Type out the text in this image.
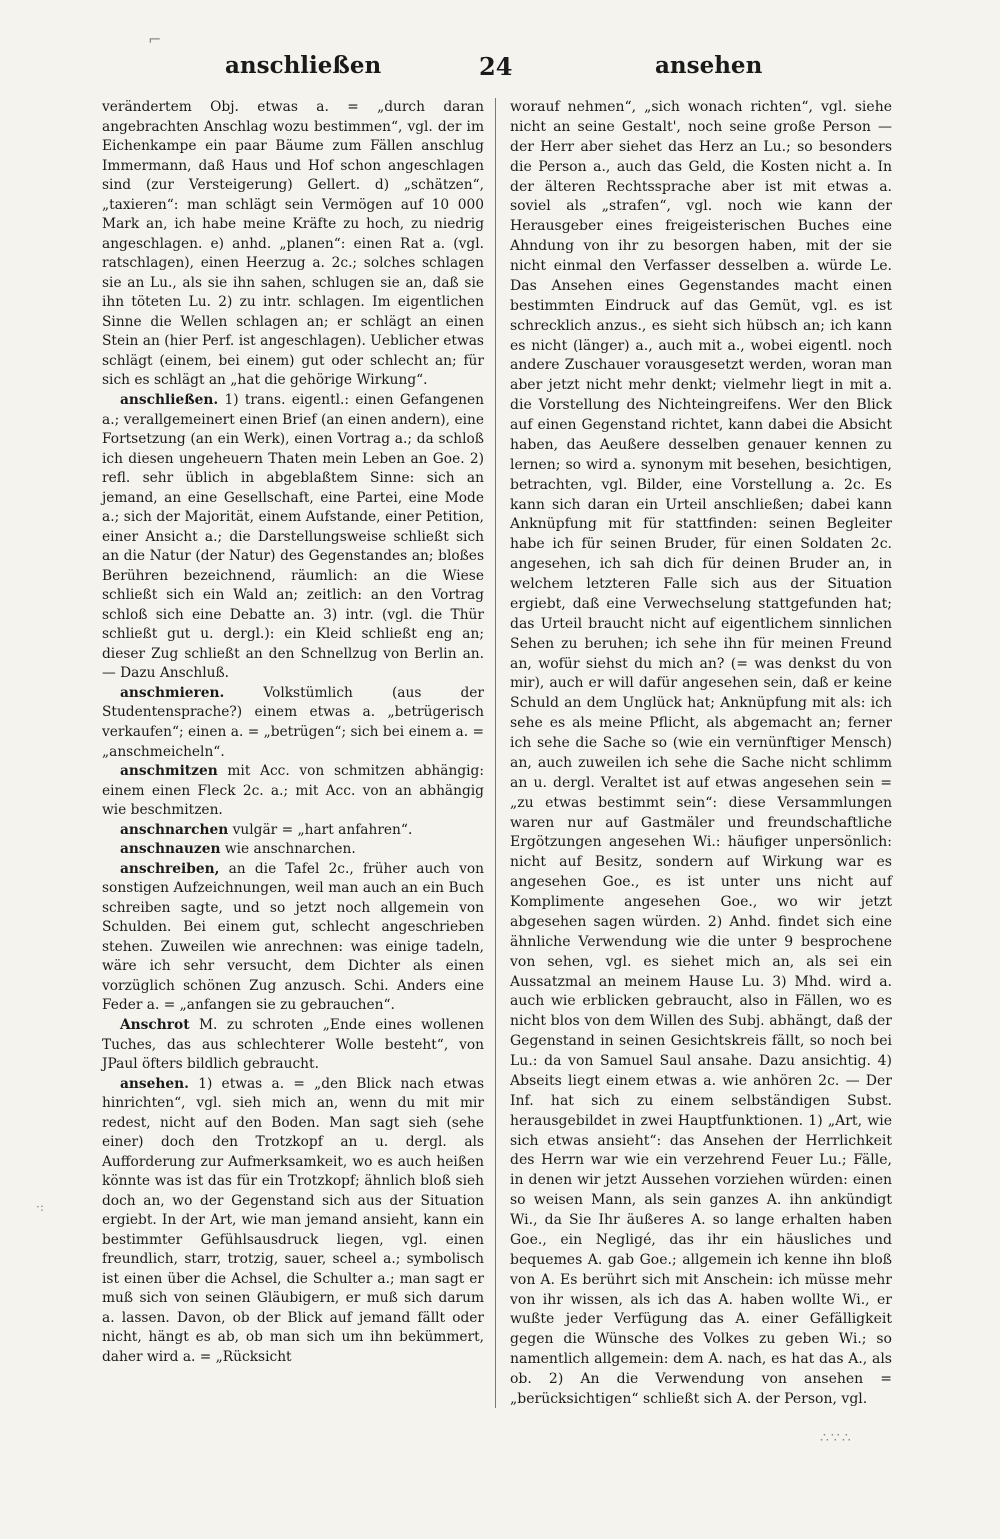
anschließen	24	ansehen

verändertem Obj. etwas a. = „durch daran angebrachten Anschlag wozu bestimmen“, vgl. der im Eichenkampe ein paar Bäume zum Fällen anschlug Immermann, daß Haus und Hof schon angeschlagen sind (zur Versteigerung) Gellert. d) „schätzen“, „taxieren“: man schlägt sein Vermögen auf 10 000 Mark an, ich habe meine Kräfte zu hoch, zu niedrig angeschlagen. e) anhd. „planen“: einen Rat a. (vgl. ratschlagen), einen Heerzug a. 2c.; solches schlagen sie an Lu., als sie ihn sahen, schlugen sie an, daß sie ihn töteten Lu. 2) zu intr. schlagen. Im eigentlichen Sinne die Wellen schlagen an; er schlägt an einen Stein an (hier Perf. ist angeschlagen). Ueblicher etwas schlägt (einem, bei einem) gut oder schlecht an; für sich es schlägt an „hat die gehörige Wirkung“.

anschließen. 1) trans. eigentl.: einen Gefangenen a.; verallgemeinert einen Brief (an einen andern), eine Fortsetzung (an ein Werk), einen Vortrag a.; da schloß ich diesen ungeheuern Thaten mein Leben an Goe. 2) refl. sehr üblich in abgeblaßtem Sinne: sich an jemand, an eine Gesellschaft, eine Partei, eine Mode a.; sich der Majorität, einem Aufstande, einer Petition, einer Ansicht a.; die Darstellungsweise schließt sich an die Natur (der Natur) des Gegenstandes an; bloßes Berühren bezeichnend, räumlich: an die Wiese schließt sich ein Wald an; zeitlich: an den Vortrag schloß sich eine Debatte an. 3) intr. (vgl. die Thür schließt gut u. dergl.): ein Kleid schließt eng an; dieser Zug schließt an den Schnellzug von Berlin an. — Dazu Anschluß.

anschmieren. Volkstümlich (aus der Studentensprache?) einem etwas a. „betrügerisch verkaufen“; einen a. = „betrügen“; sich bei einem a. = „anschmeicheln“.

anschmitzen mit Acc. von schmitzen abhängig: einem einen Fleck 2c. a.; mit Acc. von an abhängig wie beschmitzen.

anschnarchen vulgär = „hart anfahren“.

anschnauzen wie anschnarchen.

anschreiben, an die Tafel 2c., früher auch von sonstigen Aufzeichnungen, weil man auch an ein Buch schreiben sagte, und so jetzt noch allgemein von Schulden. Bei einem gut, schlecht angeschrieben stehen. Zuweilen wie anrechnen: was einige tadeln, wäre ich sehr versucht, dem Dichter als einen vorzüglich schönen Zug anzusch. Schi. Anders eine Feder a. = „anfangen sie zu gebrauchen“.

Anschrot M. zu schroten „Ende eines wollenen Tuches, das aus schlechterer Wolle besteht“, von JPaul öfters bildlich gebraucht.

ansehen. 1) etwas a. = „den Blick nach etwas hinrichten“, vgl. sieh mich an, wenn du mit mir redest, nicht auf den Boden. Man sagt sieh (sehe einer) doch den Trotzkopf an u. dergl. als Aufforderung zur Aufmerksamkeit, wo es auch heißen könnte was ist das für ein Trotzkopf; ähnlich bloß sieh doch an, wo der Gegenstand sich aus der Situation ergiebt. In der Art, wie man jemand ansieht, kann ein bestimmter Gefühlsausdruck liegen, vgl. einen freundlich, starr, trotzig, sauer, scheel a.; symbolisch ist einen über die Achsel, die Schulter a.; man sagt er muß sich von seinen Gläubigern, er muß sich darum a. lassen. Davon, ob der Blick auf jemand fällt oder nicht, hängt es ab, ob man sich um ihn bekümmert, daher wird a. = „Rücksicht

worauf nehmen“, „sich wonach richten“, vgl. siehe nicht an seine Gestalt', noch seine große Person — der Herr aber siehet das Herz an Lu.; so besonders die Person a., auch das Geld, die Kosten nicht a. In der älteren Rechtssprache aber ist mit etwas a. soviel als „strafen“, vgl. noch wie kann der Herausgeber eines freigeisterischen Buches eine Ahndung von ihr zu besorgen haben, mit der sie nicht einmal den Verfasser desselben a. würde Le. Das Ansehen eines Gegenstandes macht einen bestimmten Eindruck auf das Gemüt, vgl. es ist schrecklich anzus., es sieht sich hübsch an; ich kann es nicht (länger) a., auch mit a., wobei eigentl. noch andere Zuschauer vorausgesetzt werden, woran man aber jetzt nicht mehr denkt; vielmehr liegt in mit a. die Vorstellung des Nichteingreifens. Wer den Blick auf einen Gegenstand richtet, kann dabei die Absicht haben, das Aeußere desselben genauer kennen zu lernen; so wird a. synonym mit besehen, besichtigen, betrachten, vgl. Bilder, eine Vorstellung a. 2c. Es kann sich daran ein Urteil anschließen; dabei kann Anknüpfung mit für stattfinden: seinen Begleiter habe ich für seinen Bruder, für einen Soldaten 2c. angesehen, ich sah dich für deinen Bruder an, in welchem letzteren Falle sich aus der Situation ergiebt, daß eine Verwechselung stattgefunden hat; das Urteil braucht nicht auf eigentlichem sinnlichen Sehen zu beruhen; ich sehe ihn für meinen Freund an, wofür siehst du mich an? (= was denkst du von mir), auch er will dafür angesehen sein, daß er keine Schuld an dem Unglück hat; Anknüpfung mit als: ich sehe es als meine Pflicht, als abgemacht an; ferner ich sehe die Sache so (wie ein vernünftiger Mensch) an, auch zuweilen ich sehe die Sache nicht schlimm an u. dergl. Veraltet ist auf etwas angesehen sein = „zu etwas bestimmt sein“: diese Versammlungen waren nur auf Gastmäler und freundschaftliche Ergötzungen angesehen Wi.: häufiger unpersönlich: nicht auf Besitz, sondern auf Wirkung war es angesehen Goe., es ist unter uns nicht auf Komplimente angesehen Goe., wo wir jetzt abgesehen sagen würden. 2) Anhd. findet sich eine ähnliche Verwendung wie die unter 9 besprochene von sehen, vgl. es siehet mich an, als sei ein Aussatzmal an meinem Hause Lu. 3) Mhd. wird a. auch wie erblicken gebraucht, also in Fällen, wo es nicht blos von dem Willen des Subj. abhängt, daß der Gegenstand in seinen Gesichtskreis fällt, so noch bei Lu.: da von Samuel Saul ansahe. Dazu ansichtig. 4) Abseits liegt einem etwas a. wie anhören 2c. — Der Inf. hat sich zu einem selbständigen Subst. herausgebildet in zwei Hauptfunktionen. 1) „Art, wie sich etwas ansieht“: das Ansehen der Herrlichkeit des Herrn war wie ein verzehrend Feuer Lu.; Fälle, in denen wir jetzt Aussehen vorziehen würden: einen so weisen Mann, als sein ganzes A. ihn ankündigt Wi., da Sie Ihr äußeres A. so lange erhalten haben Goe., ein Negligé, das ihr ein häusliches und bequemes A. gab Goe.; allgemein ich kenne ihn bloß von A. Es berührt sich mit Anschein: ich müsse mehr von ihr wissen, als ich das A. haben wollte Wi., er wußte jeder Verfügung das A. einer Gefälligkeit gegen die Wünsche des Volkes zu geben Wi.; so namentlich allgemein: dem A. nach, es hat das A., als ob. 2) An die Verwendung von ansehen = „berücksichtigen“ schließt sich A. der Person, vgl.

⌐
·:
∴∵∴
